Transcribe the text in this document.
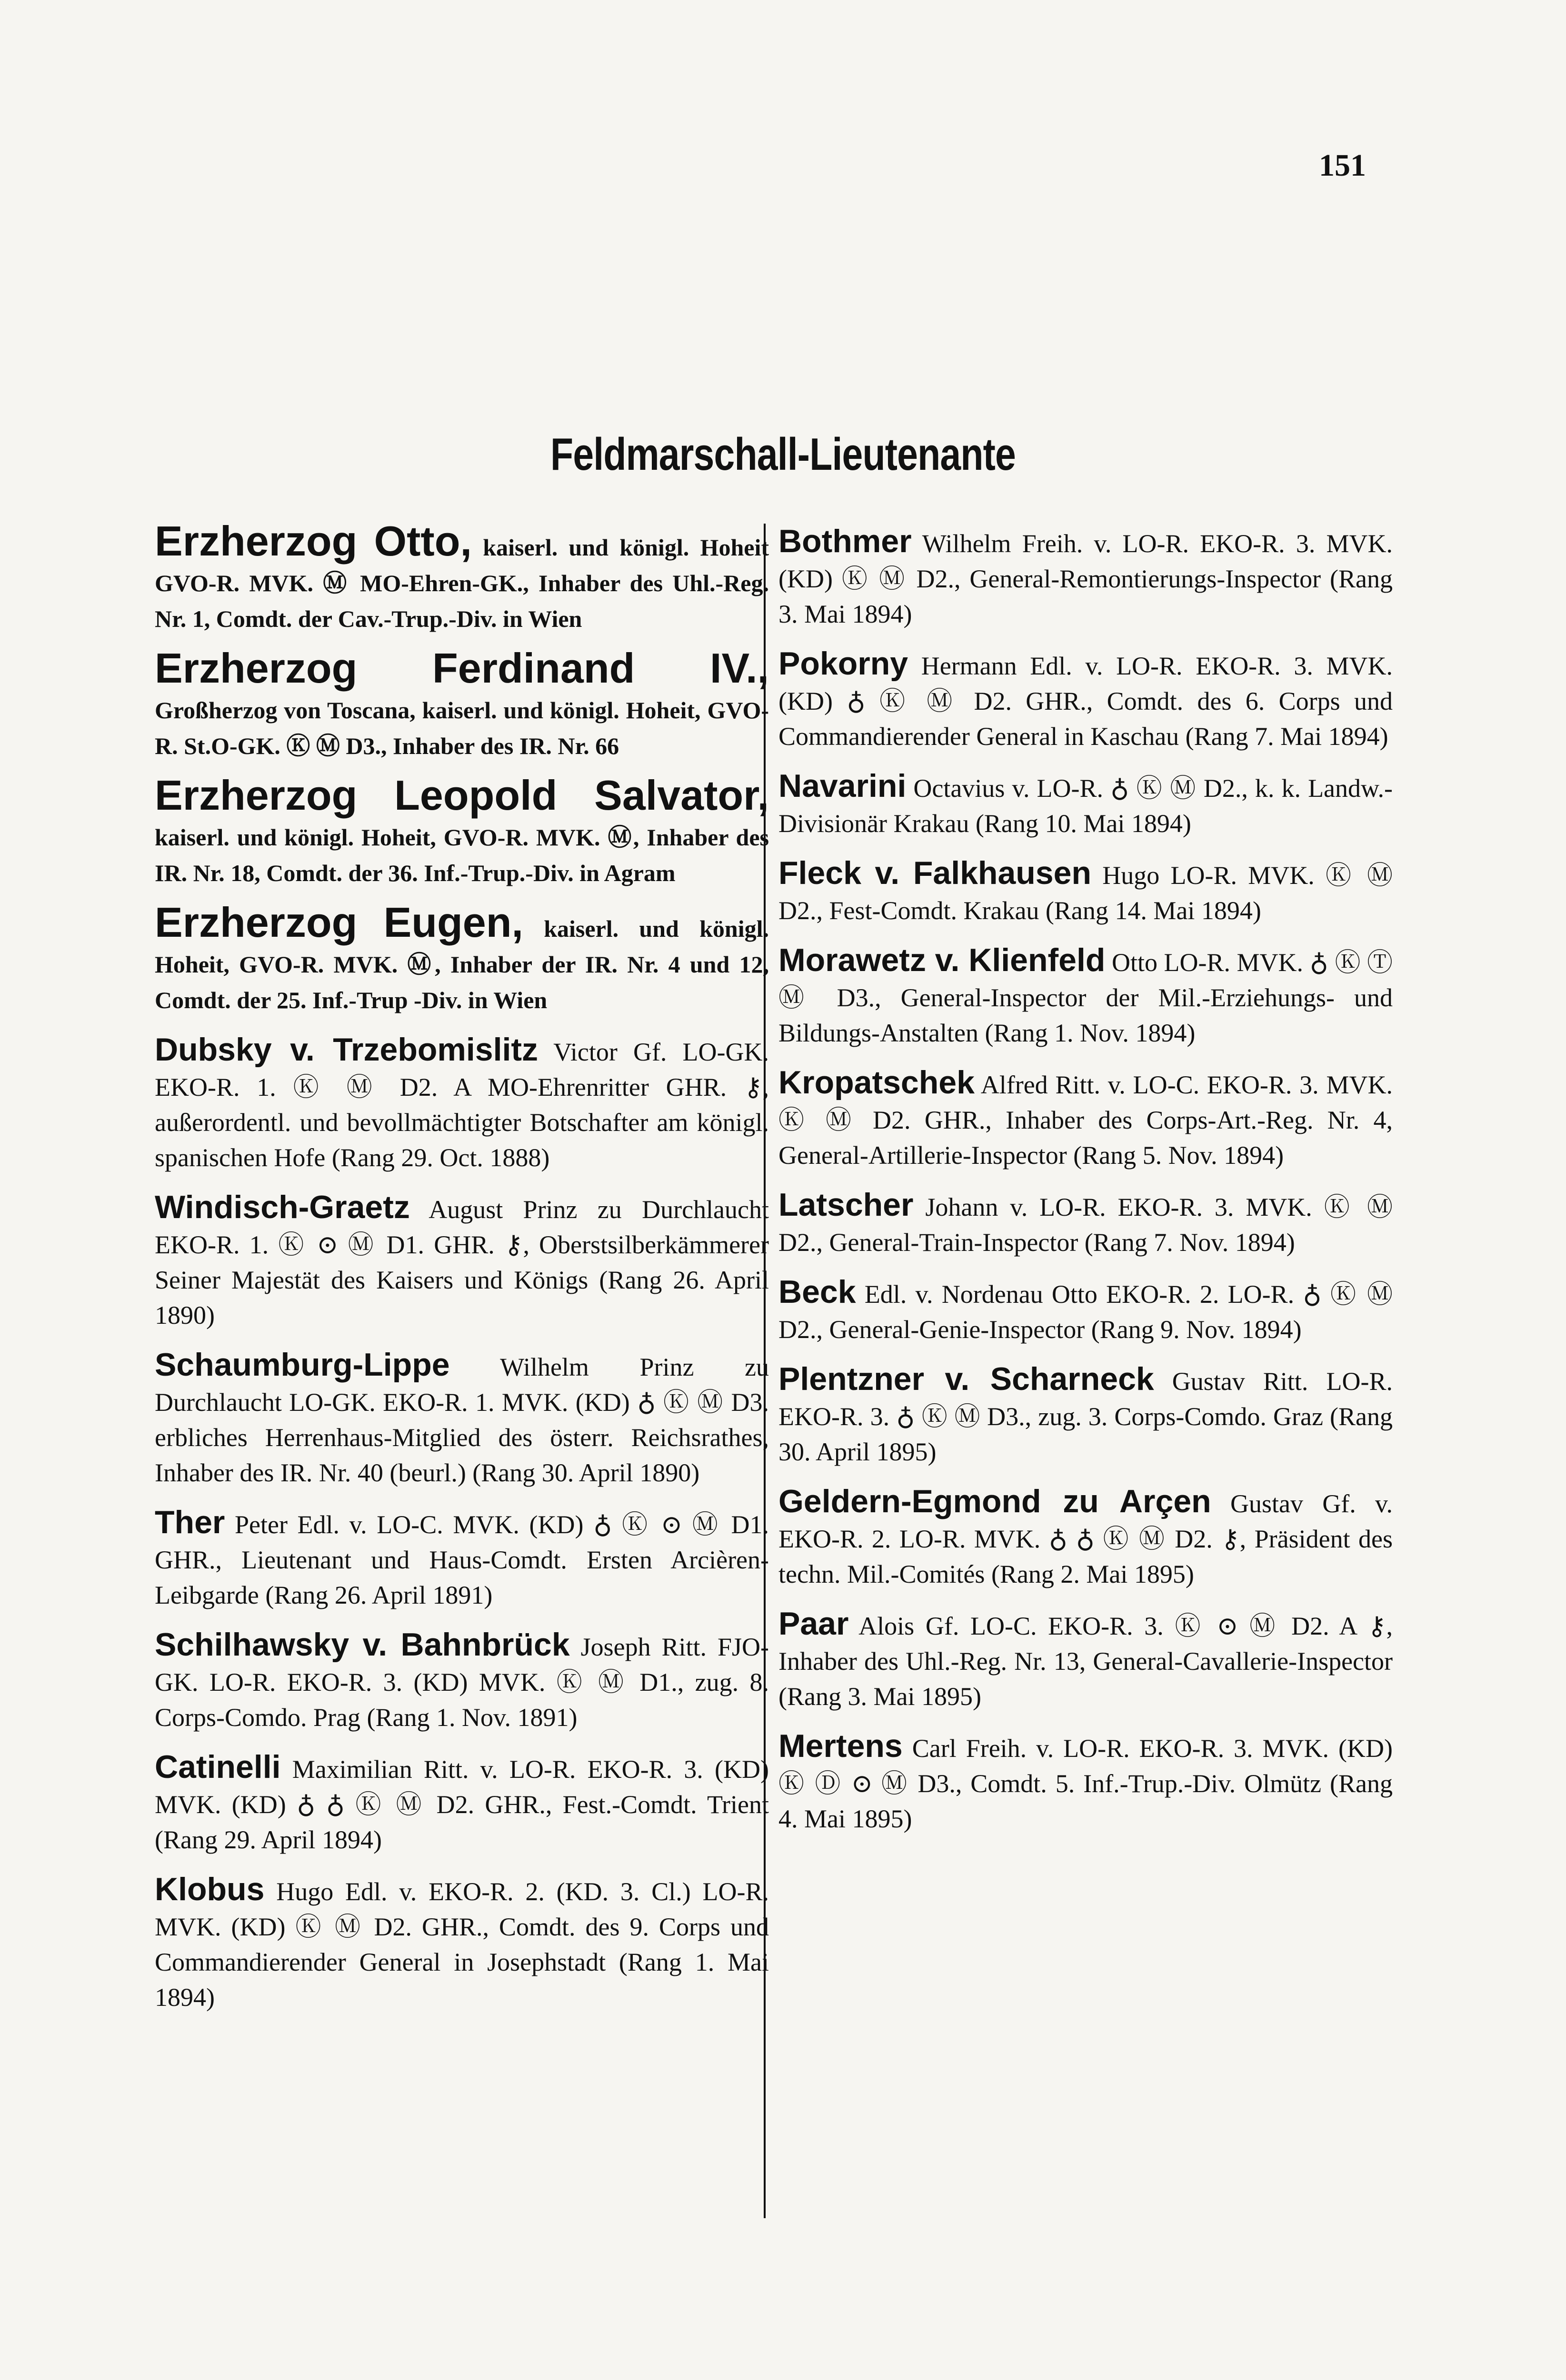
151
Feldmarschall-Lieutenante

Erzherzog Otto, kaiserl. und königl. Hoheit GVO-R. MVK. Ⓜ MO-Ehren-GK., Inhaber des Uhl.-Reg. Nr. 1, Comdt. der Cav.-Trup.-Div. in Wien

Erzherzog Ferdinand IV., Großherzog von Toscana, kaiserl. und königl. Hoheit, GVO-R. St.O-GK. Ⓚ Ⓜ D3., Inhaber des IR. Nr. 66

Erzherzog Leopold Salvator, kaiserl. und königl. Hoheit, GVO-R. MVK. Ⓜ, Inhaber des IR. Nr. 18, Comdt. der 36. Inf.-Trup.-Div. in Agram

Erzherzog Eugen, kaiserl. und königl. Hoheit, GVO-R. MVK. Ⓜ, Inhaber der IR. Nr. 4 und 12, Comdt. der 25. Inf.-Trup -Div. in Wien

Dubsky v. Trzebomislitz Victor Gf. LO-GK. EKO-R. 1. Ⓚ Ⓜ D2. A MO-Ehrenritter GHR. ⚷, außerordentl. und bevollmächtigter Botschafter am königl. spanischen Hofe (Rang 29. Oct. 1888)

Windisch-Graetz August Prinz zu Durchlaucht EKO-R. 1. Ⓚ ⊙ Ⓜ D1. GHR. ⚷, Oberstsilberkämmerer Seiner Majestät des Kaisers und Königs (Rang 26. April 1890)

Schaumburg-Lippe Wilhelm Prinz zu Durchlaucht LO-GK. EKO-R. 1. MVK. (KD) ♁ Ⓚ Ⓜ D3. erbliches Herrenhaus-Mitglied des österr. Reichsrathes, Inhaber des IR. Nr. 40 (beurl.) (Rang 30. April 1890)

Ther Peter Edl. v. LO-C. MVK. (KD) ♁ Ⓚ ⊙ Ⓜ D1. GHR., Lieutenant und Haus-Comdt. Ersten Arcièren-Leibgarde (Rang 26. April 1891)

Schilhawsky v. Bahnbrück Joseph Ritt. FJO-GK. LO-R. EKO-R. 3. (KD) MVK. Ⓚ Ⓜ D1., zug. 8. Corps-Comdo. Prag (Rang 1. Nov. 1891)

Catinelli Maximilian Ritt. v. LO-R. EKO-R. 3. (KD) MVK. (KD) ♁ ♁ Ⓚ Ⓜ D2. GHR., Fest.-Comdt. Trient (Rang 29. April 1894)

Klobus Hugo Edl. v. EKO-R. 2. (KD. 3. Cl.) LO-R. MVK. (KD) Ⓚ Ⓜ D2. GHR., Comdt. des 9. Corps und Commandierender General in Josephstadt (Rang 1. Mai 1894)

Bothmer Wilhelm Freih. v. LO-R. EKO-R. 3. MVK. (KD) Ⓚ Ⓜ D2., General-Remontierungs-Inspector (Rang 3. Mai 1894)

Pokorny Hermann Edl. v. LO-R. EKO-R. 3. MVK. (KD) ♁ Ⓚ Ⓜ D2. GHR., Comdt. des 6. Corps und Commandierender General in Kaschau (Rang 7. Mai 1894)

Navarini Octavius v. LO-R. ♁ Ⓚ Ⓜ D2., k. k. Landw.-Divisionär Krakau (Rang 10. Mai 1894)

Fleck v. Falkhausen Hugo LO-R. MVK. Ⓚ Ⓜ D2., Fest-Comdt. Krakau (Rang 14. Mai 1894)

Morawetz v. Klienfeld Otto LO-R. MVK. ♁ Ⓚ Ⓣ Ⓜ D3., General-Inspector der Mil.-Erziehungs- und Bildungs-Anstalten (Rang 1. Nov. 1894)

Kropatschek Alfred Ritt. v. LO-C. EKO-R. 3. MVK. Ⓚ Ⓜ D2. GHR., Inhaber des Corps-Art.-Reg. Nr. 4, General-Artillerie-Inspector (Rang 5. Nov. 1894)

Latscher Johann v. LO-R. EKO-R. 3. MVK. Ⓚ Ⓜ D2., General-Train-Inspector (Rang 7. Nov. 1894)

Beck Edl. v. Nordenau Otto EKO-R. 2. LO-R. ♁ Ⓚ Ⓜ D2., General-Genie-Inspector (Rang 9. Nov. 1894)

Plentzner v. Scharneck Gustav Ritt. LO-R. EKO-R. 3. ♁ Ⓚ Ⓜ D3., zug. 3. Corps-Comdo. Graz (Rang 30. April 1895)

Geldern-Egmond zu Arçen Gustav Gf. v. EKO-R. 2. LO-R. MVK. ♁ ♁ Ⓚ Ⓜ D2. ⚷, Präsident des techn. Mil.-Comités (Rang 2. Mai 1895)

Paar Alois Gf. LO-C. EKO-R. 3. Ⓚ ⊙ Ⓜ D2. A ⚷, Inhaber des Uhl.-Reg. Nr. 13, General-Cavallerie-Inspector (Rang 3. Mai 1895)

Mertens Carl Freih. v. LO-R. EKO-R. 3. MVK. (KD) Ⓚ Ⓓ ⊙ Ⓜ D3., Comdt. 5. Inf.-Trup.-Div. Olmütz (Rang 4. Mai 1895)
